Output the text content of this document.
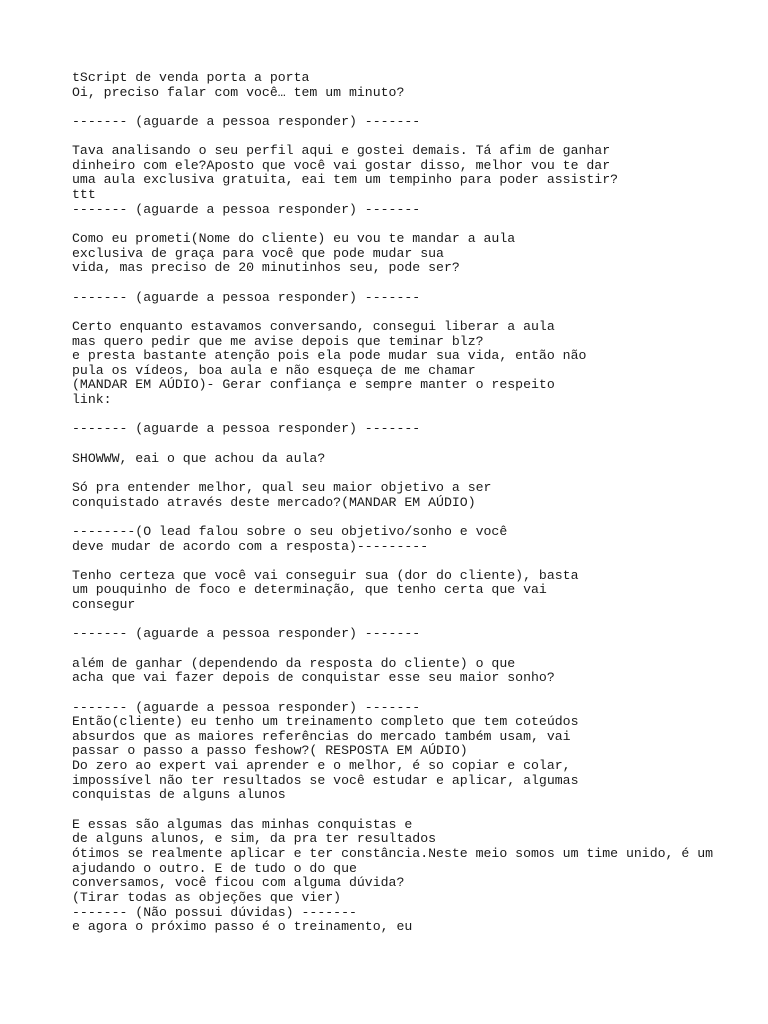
tScript de venda porta a porta
Oi, preciso falar com você… tem um minuto?
------- (aguarde a pessoa responder) -------
Tava analisando o seu perfil aqui e gostei demais. Tá afim de ganhar
dinheiro com ele?Aposto que você vai gostar disso, melhor vou te dar
uma aula exclusiva gratuita, eai tem um tempinho para poder assistir?
ttt
------- (aguarde a pessoa responder) -------
Como eu prometi(Nome do cliente) eu vou te mandar a aula
exclusiva de graça para você que pode mudar sua
vida, mas preciso de 20 minutinhos seu, pode ser?
------- (aguarde a pessoa responder) -------
Certo enquanto estavamos conversando, consegui liberar a aula
mas quero pedir que me avise depois que teminar blz?
e presta bastante atenção pois ela pode mudar sua vida, então não
pula os vídeos, boa aula e não esqueça de me chamar
(MANDAR EM AÚDIO)- Gerar confiança e sempre manter o respeito
link:
------- (aguarde a pessoa responder) -------
SHOWWW, eai o que achou da aula?
Só pra entender melhor, qual seu maior objetivo a ser
conquistado através deste mercado?(MANDAR EM AÚDIO)
--------(O lead falou sobre o seu objetivo/sonho e você
deve mudar de acordo com a resposta)---------
Tenho certeza que você vai conseguir sua (dor do cliente), basta
um pouquinho de foco e determinação, que tenho certa que vai
consegur
------- (aguarde a pessoa responder) -------
além de ganhar (dependendo da resposta do cliente) o que
acha que vai fazer depois de conquistar esse seu maior sonho?
------- (aguarde a pessoa responder) -------
Então(cliente) eu tenho um treinamento completo que tem coteúdos
absurdos que as maiores referências do mercado também usam, vai
passar o passo a passo feshow?( RESPOSTA EM AÚDIO)
Do zero ao expert vai aprender e o melhor, é so copiar e colar,
impossível não ter resultados se você estudar e aplicar, algumas
conquistas de alguns alunos
E essas são algumas das minhas conquistas e
de alguns alunos, e sim, da pra ter resultados
ótimos se realmente aplicar e ter constância.Neste meio somos um time unido, é um
ajudando o outro. E de tudo o do que
conversamos, você ficou com alguma dúvida?
(Tirar todas as objeções que vier)
------- (Não possui dúvidas) -------
e agora o próximo passo é o treinamento, eu
